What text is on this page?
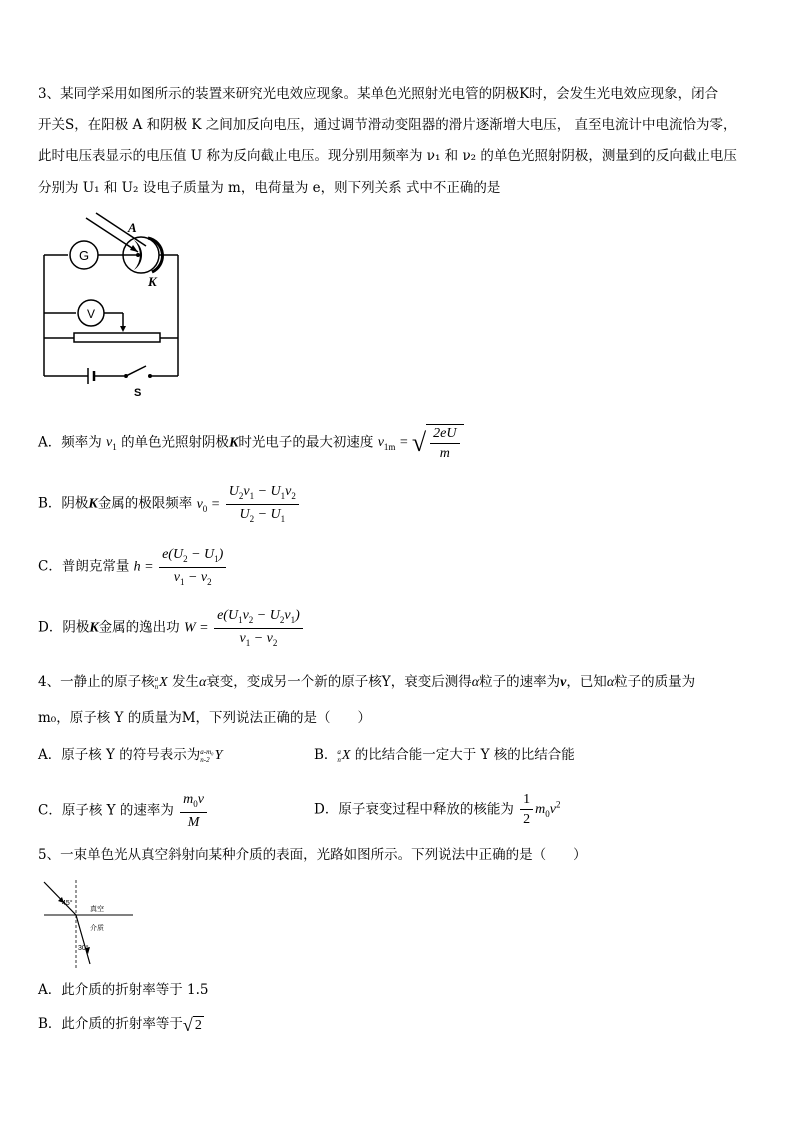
3、某同学采用如图所示的装置来研究光电效应现象。某单色光照射光电管的阴极K时，会发生光电效应现象，闭合
开关S，在阳极 A 和阴极 K 之间加反向电压，通过调节滑动变阻器的滑片逐渐增大电压， 直至电流计中电流恰为零，
此时电压表显示的电压值 U 称为反向截止电压。现分别用频率为 ν₁ 和 ν₂ 的单色光照射阴极，测量到的反向截止电压
分别为 U₁ 和 U₂ 设电子质量为 m，电荷量为 e，则下列关系 式中不正确的是
G
A
K
V
S
A．频率为 $\nu_1$ 的单色光照射阴极K时光电子的最大初速度 $v_{1m}$ = √ $\frac{2eU}{m}$
B．阴极K金属的极限频率 $\nu_0 = \frac{U_2\nu_1 - U_1\nu_2}{U_2 - U_1}$
C．普朗克常量 $h = \frac{e(U_2 - U_1)}{\nu_1 - \nu_2}$
D．阴极K金属的逸出功 $W = \frac{e(U_1\nu_2 - U_2\nu_1)}{\nu_1 - \nu_2}$
4、一静止的原子核 a
n X 发生α衰变，变成另一个新的原子核Y，衰变后测得α粒子的速率为v，已知α粒子的质量为
m₀，原子核 Y 的质量为M，下列说法正确的是（　　）
A．原子核 Y 的符号表示为 a-m₀
n-2 Y	B． a
n X 的比结合能一定大于 Y 核的比结合能
C．原子核 Y 的速率为 $\frac{m_0v}{M}$	D．原子衰变过程中释放的核能为 $\frac{1}{2} m_0v^2$
5、一束单色光从真空斜射向某种介质的表面，光路如图所示。下列说法中正确的是（　　）
45°
30°
真空
介质
A．此介质的折射率等于 1.5
B．此介质的折射率等于 √ 2
